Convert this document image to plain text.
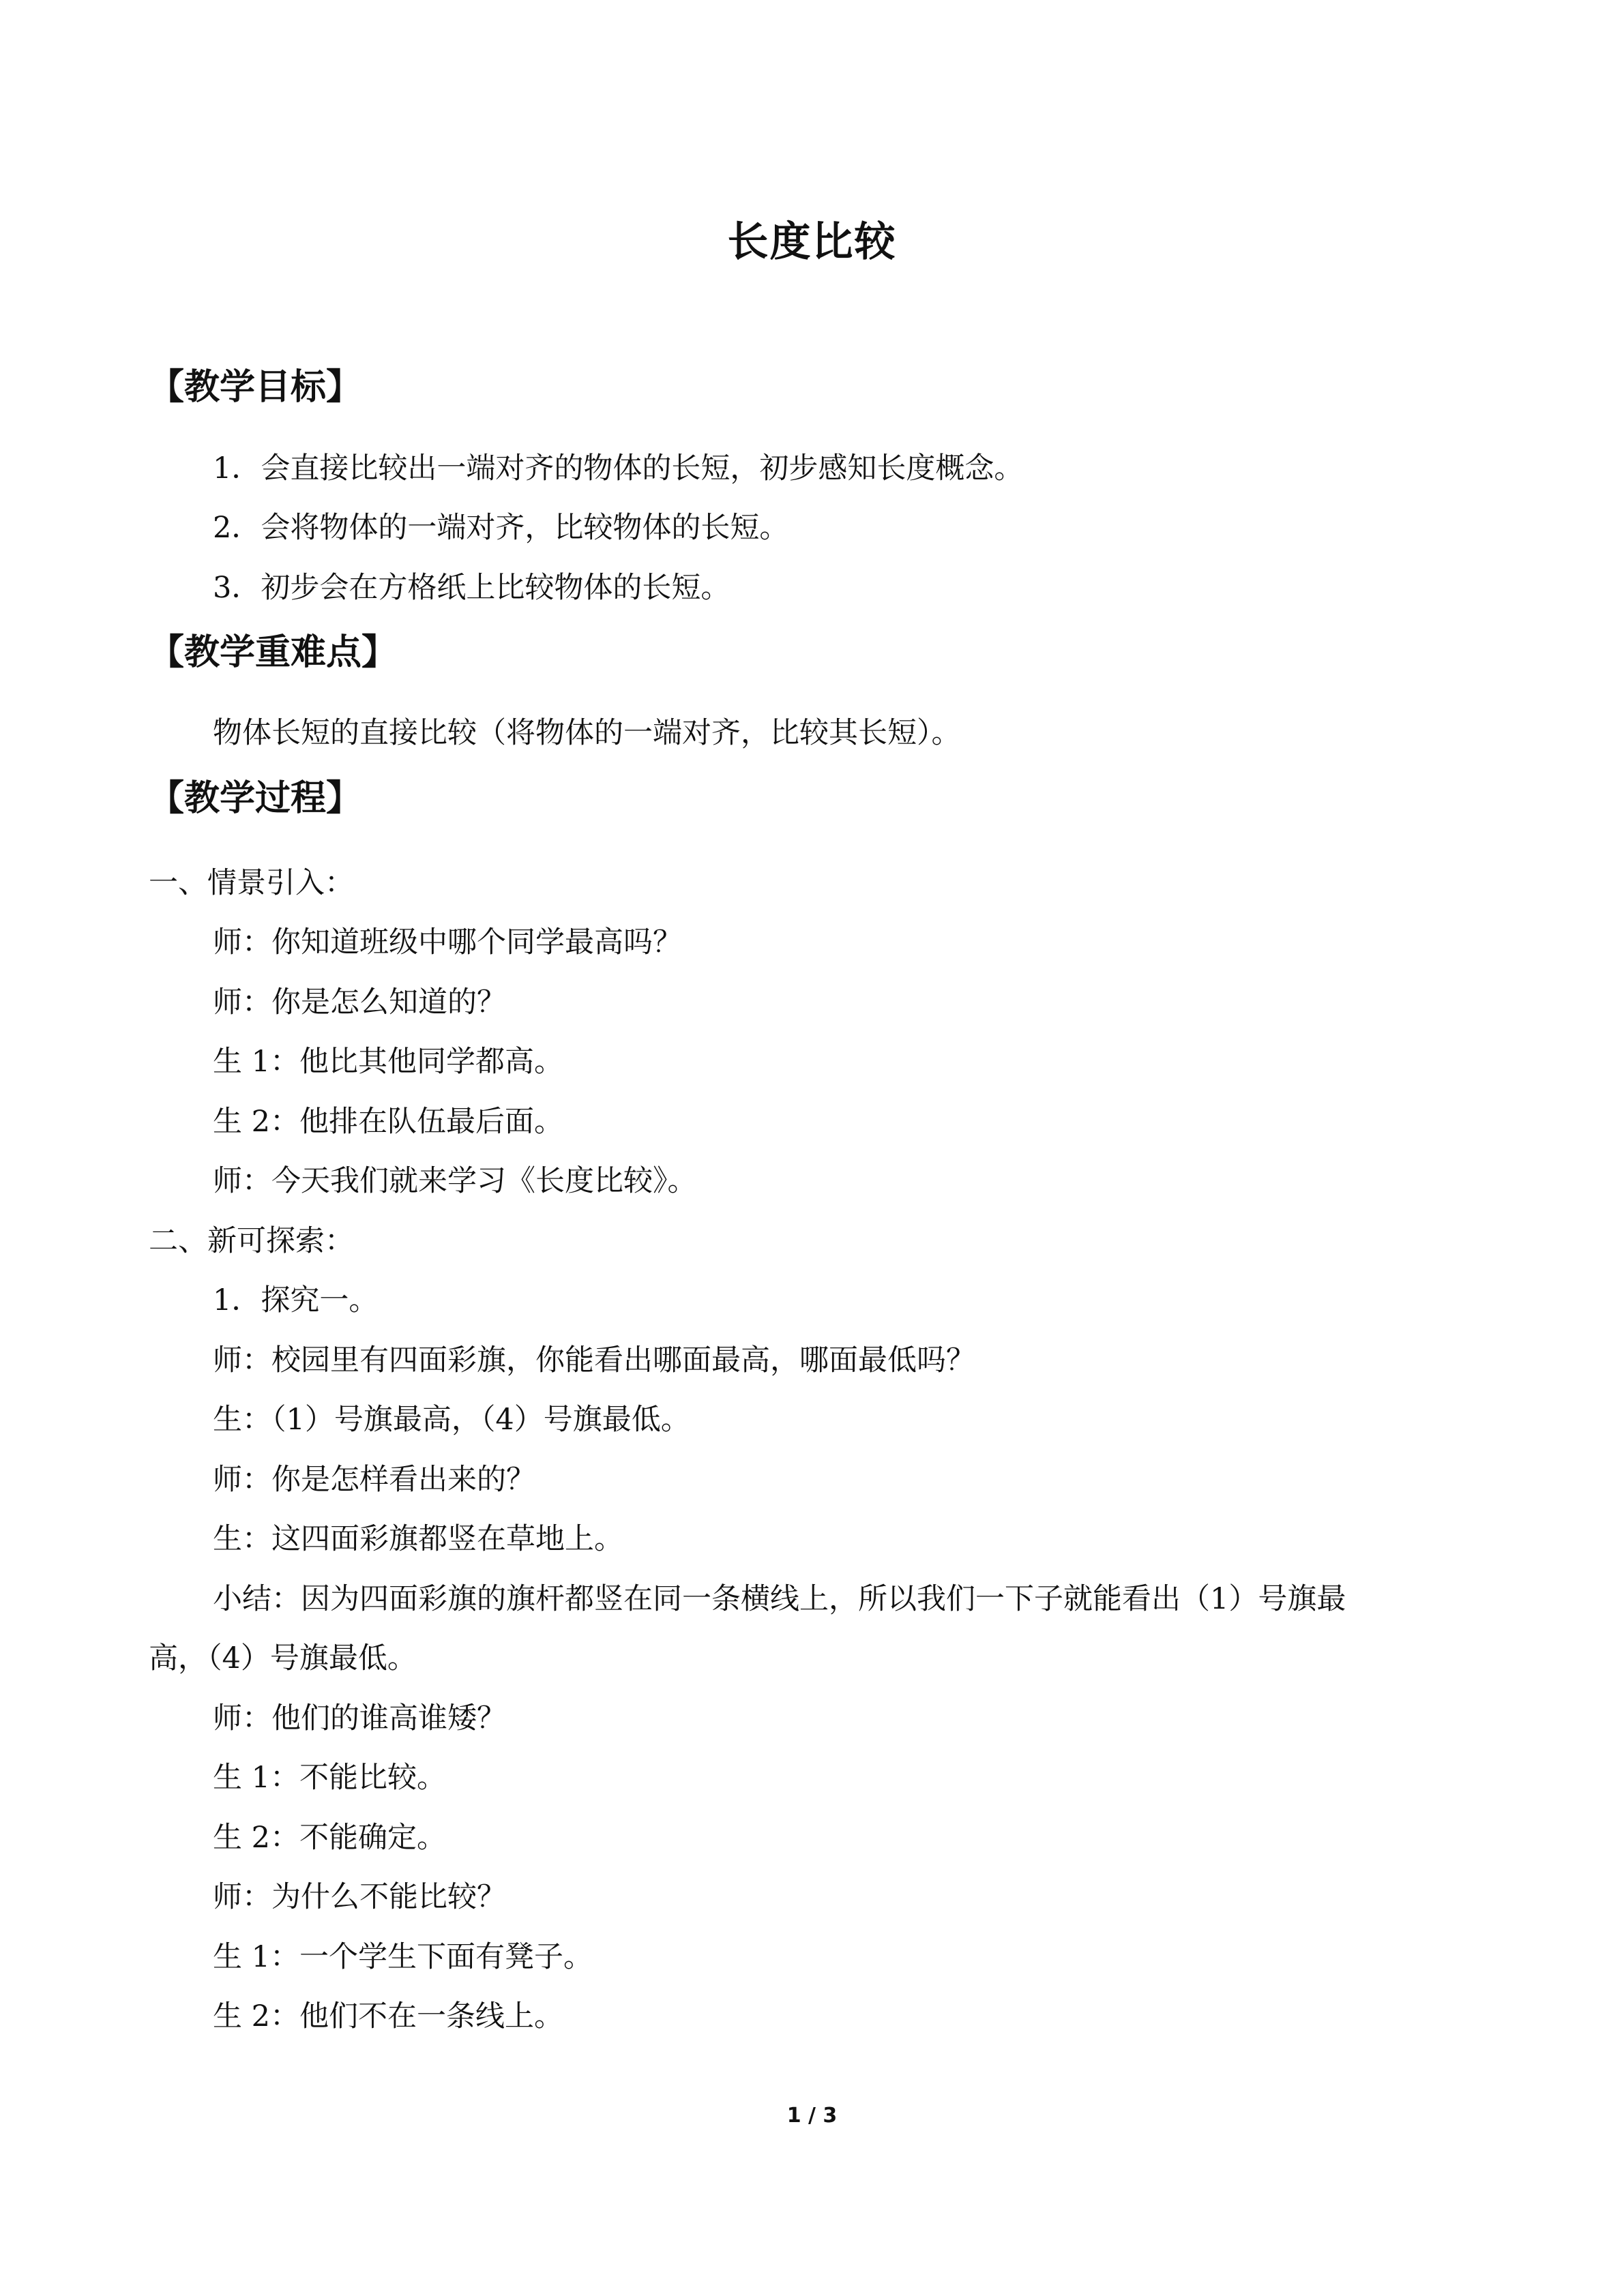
长度比较
【教学目标】
1．会直接比较出一端对齐的物体的长短，初步感知长度概念。
2．会将物体的一端对齐，比较物体的长短。
3．初步会在方格纸上比较物体的长短。
【教学重难点】
物体长短的直接比较（将物体的一端对齐，比较其长短）。
【教学过程】
一、情景引入：
师：你知道班级中哪个同学最高吗？
师：你是怎么知道的？
生 1：他比其他同学都高。
生 2：他排在队伍最后面。
师：今天我们就来学习《长度比较》。
二、新可探索：
1．探究一。
师：校园里有四面彩旗，你能看出哪面最高，哪面最低吗？
生：（1）号旗最高，（4）号旗最低。
师：你是怎样看出来的？
生：这四面彩旗都竖在草地上。
小结：因为四面彩旗的旗杆都竖在同一条横线上，所以我们一下子就能看出（1）号旗最
高，（4）号旗最低。
师：他们的谁高谁矮？
生 1：不能比较。
生 2：不能确定。
师：为什么不能比较？
生 1：一个学生下面有凳子。
生 2：他们不在一条线上。
1 / 3
